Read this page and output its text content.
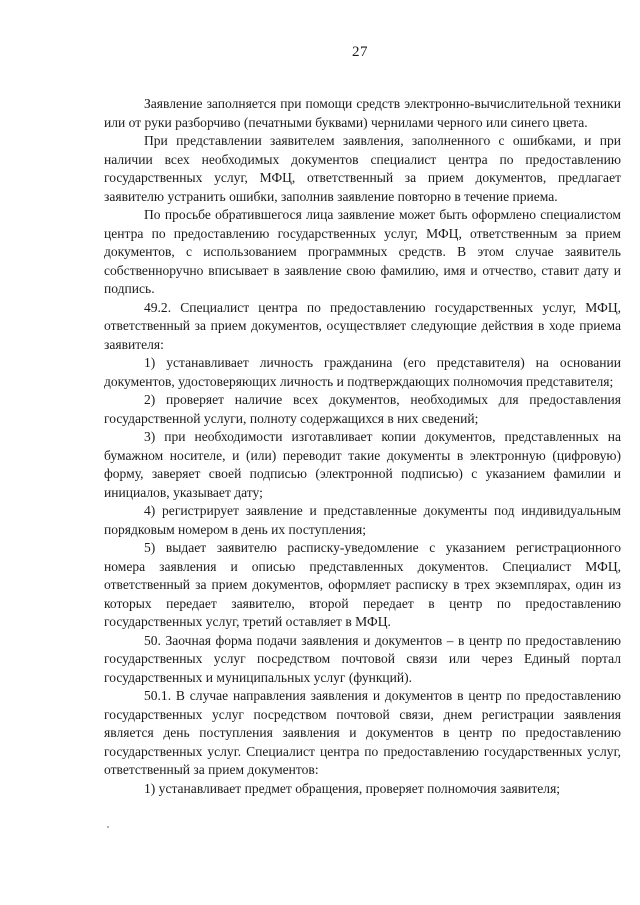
27

Заявление заполняется при помощи средств электронно-вычислительной техники или от руки разборчиво (печатными буквами) чернилами черного или синего цвета.

При представлении заявителем заявления, заполненного с ошибками, и при наличии всех необходимых документов специалист центра по предоставлению государственных услуг, МФЦ, ответственный за прием документов, предлагает заявителю устранить ошибки, заполнив заявление повторно в течение приема.

По просьбе обратившегося лица заявление может быть оформлено специалистом центра по предоставлению государственных услуг, МФЦ, ответственным за прием документов, с использованием программных средств. В этом случае заявитель собственноручно вписывает в заявление свою фамилию, имя и отчество, ставит дату и подпись.

49.2. Специалист центра по предоставлению государственных услуг, МФЦ, ответственный за прием документов, осуществляет следующие действия в ходе приема заявителя:

1) устанавливает личность гражданина (его представителя) на основании документов, удостоверяющих личность и подтверждающих полномочия представителя;

2) проверяет наличие всех документов, необходимых для предоставления государственной услуги, полноту содержащихся в них сведений;

3) при необходимости изготавливает копии документов, представленных на бумажном носителе, и (или) переводит такие документы в электронную (цифровую) форму, заверяет своей подписью (электронной подписью) с указанием фамилии и инициалов, указывает дату;

4) регистрирует заявление и представленные документы под индивидуальным порядковым номером в день их поступления;

5) выдает заявителю расписку-уведомление с указанием регистрационного номера заявления и описью представленных документов. Специалист МФЦ, ответственный за прием документов, оформляет расписку в трех экземплярах, один из которых передает заявителю, второй передает в центр по предоставлению государственных услуг, третий оставляет в МФЦ.

50. Заочная форма подачи заявления и документов – в центр по предоставлению государственных услуг посредством почтовой связи или через Единый портал государственных и муниципальных услуг (функций).

50.1. В случае направления заявления и документов в центр по предоставлению государственных услуг посредством почтовой связи, днем регистрации заявления является день поступления заявления и документов в центр по предоставлению государственных услуг. Специалист центра по предоставлению государственных услуг, ответственный за прием документов:

1) устанавливает предмет обращения, проверяет полномочия заявителя;
